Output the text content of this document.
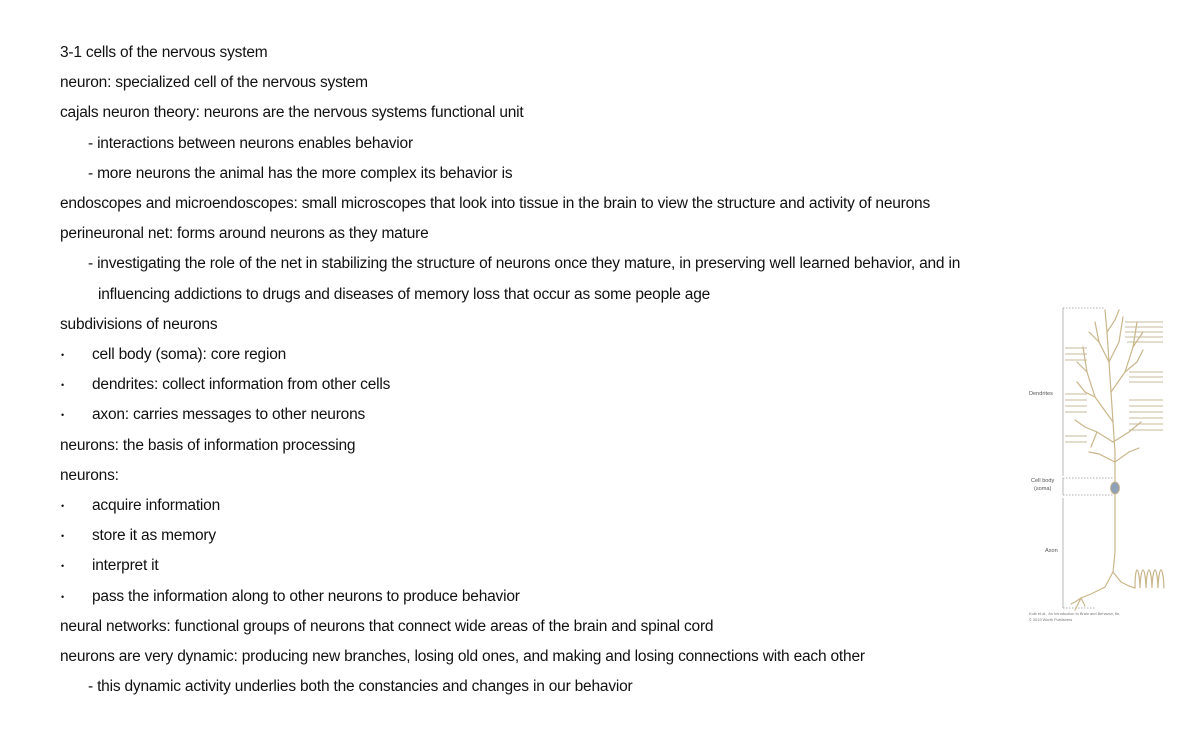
3-1 cells of the nervous system
neuron: specialized cell of the nervous system
cajals neuron theory: neurons are the nervous systems functional unit
- interactions between neurons enables behavior
- more neurons the animal has the more complex its behavior is
endoscopes and microendoscopes: small microscopes that look into tissue in the brain to view the structure and activity of neurons
perineuronal net: forms around neurons as they mature
- investigating the role of the net in stabilizing the structure of neurons once they mature, in preserving well learned behavior, and in
influencing addictions to drugs and diseases of memory loss that occur as some people age
subdivisions of neurons
• cell body (soma): core region
• dendrites: collect information from other cells
• axon: carries messages to other neurons
neurons: the basis of information processing
neurons:
• acquire information
• store it as memory
• interpret it
• pass the information along to other neurons to produce behavior
neural networks: functional groups of neurons that connect wide areas of the brain and spinal cord
neurons are very dynamic: producing new branches, losing old ones, and making and losing connections with each other
- this dynamic activity underlies both the constancies and changes in our behavior
Dendrites
Cell body
(soma)
Axon
Kolb et al., An Introduction to Brain and Behavior, 6e,
© 2019 Worth Publishers
